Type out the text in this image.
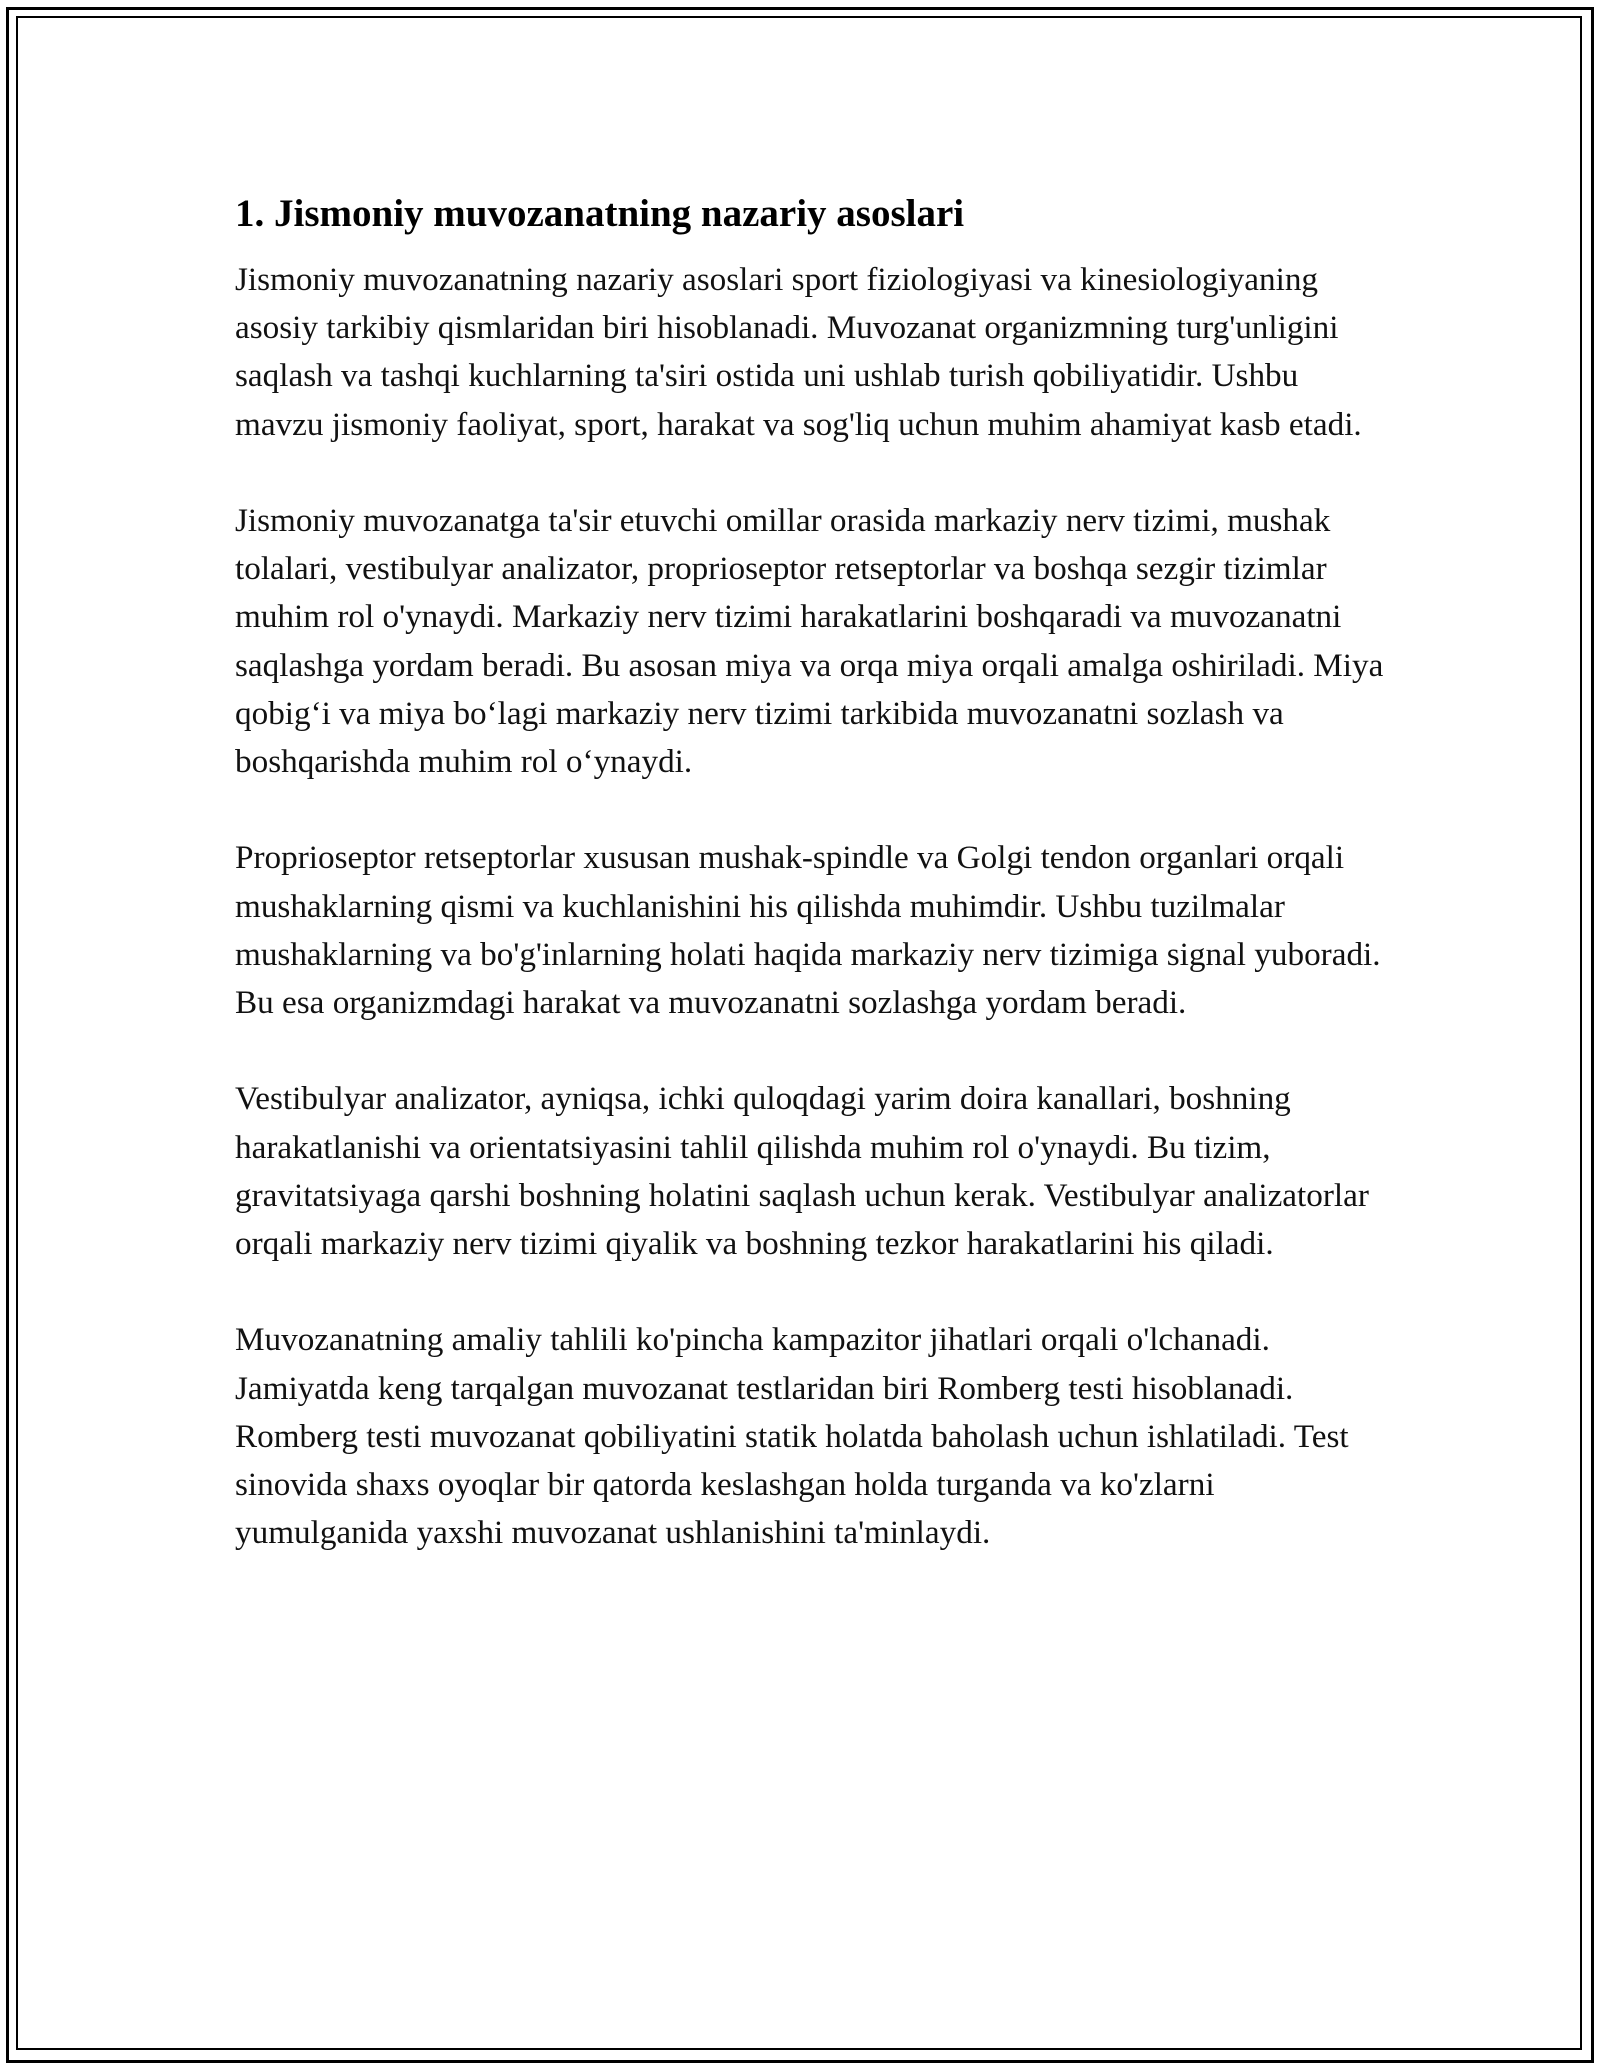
1. Jismoniy muvozanatning nazariy asoslari

Jismoniy muvozanatning nazariy asoslari sport fiziologiyasi va kinesiologiyaning asosiy tarkibiy qismlaridan biri hisoblanadi. Muvozanat organizmning turg'unligini saqlash va tashqi kuchlarning ta'siri ostida uni ushlab turish qobiliyatidir. Ushbu mavzu jismoniy faoliyat, sport, harakat va sog'liq uchun muhim ahamiyat kasb etadi.

Jismoniy muvozanatga ta'sir etuvchi omillar orasida markaziy nerv tizimi, mushak tolalari, vestibulyar analizator, proprioseptor retseptorlar va boshqa sezgir tizimlar muhim rol o'ynaydi. Markaziy nerv tizimi harakatlarini boshqaradi va muvozanatni saqlashga yordam beradi. Bu asosan miya va orqa miya orqali amalga oshiriladi. Miya qobig‘i va miya bo‘lagi markaziy nerv tizimi tarkibida muvozanatni sozlash va boshqarishda muhim rol o‘ynaydi.

Proprioseptor retseptorlar xususan mushak-spindle va Golgi tendon organlari orqali mushaklarning qismi va kuchlanishini his qilishda muhimdir. Ushbu tuzilmalar mushaklarning va bo'g'inlarning holati haqida markaziy nerv tizimiga signal yuboradi. Bu esa organizmdagi harakat va muvozanatni sozlashga yordam beradi.

Vestibulyar analizator, ayniqsa, ichki quloqdagi yarim doira kanallari, boshning harakatlanishi va orientatsiyasini tahlil qilishda muhim rol o'ynaydi. Bu tizim, gravitatsiyaga qarshi boshning holatini saqlash uchun kerak. Vestibulyar analizatorlar orqali markaziy nerv tizimi qiyalik va boshning tezkor harakatlarini his qiladi.

Muvozanatning amaliy tahlili ko'pincha kampazitor jihatlari orqali o'lchanadi. Jamiyatda keng tarqalgan muvozanat testlaridan biri Romberg testi hisoblanadi. Romberg testi muvozanat qobiliyatini statik holatda baholash uchun ishlatiladi. Test sinovida shaxs oyoqlar bir qatorda keslashgan holda turganda va ko'zlarni yumulganida yaxshi muvozanat ushlanishini ta'minlaydi.
